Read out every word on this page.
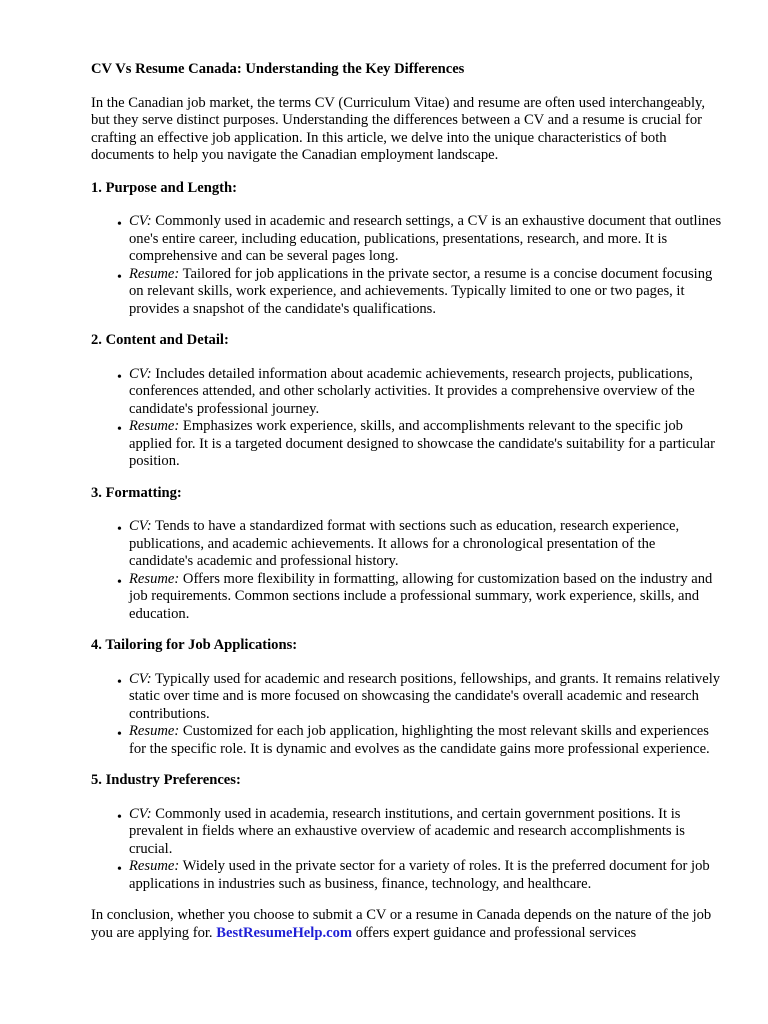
CV Vs Resume Canada: Understanding the Key Differences
In the Canadian job market, the terms CV (Curriculum Vitae) and resume are often used interchangeably, but they serve distinct purposes. Understanding the differences between a CV and a resume is crucial for crafting an effective job application. In this article, we delve into the unique characteristics of both documents to help you navigate the Canadian employment landscape.
1. Purpose and Length:
• CV: Commonly used in academic and research settings, a CV is an exhaustive document that outlines one's entire career, including education, publications, presentations, research, and more. It is comprehensive and can be several pages long.
• Resume: Tailored for job applications in the private sector, a resume is a concise document focusing on relevant skills, work experience, and achievements. Typically limited to one or two pages, it provides a snapshot of the candidate's qualifications.
2. Content and Detail:
• CV: Includes detailed information about academic achievements, research projects, publications, conferences attended, and other scholarly activities. It provides a comprehensive overview of the candidate's professional journey.
• Resume: Emphasizes work experience, skills, and accomplishments relevant to the specific job applied for. It is a targeted document designed to showcase the candidate's suitability for a particular position.
3. Formatting:
• CV: Tends to have a standardized format with sections such as education, research experience, publications, and academic achievements. It allows for a chronological presentation of the candidate's academic and professional history.
• Resume: Offers more flexibility in formatting, allowing for customization based on the industry and job requirements. Common sections include a professional summary, work experience, skills, and education.
4. Tailoring for Job Applications:
• CV: Typically used for academic and research positions, fellowships, and grants. It remains relatively static over time and is more focused on showcasing the candidate's overall academic and research contributions.
• Resume: Customized for each job application, highlighting the most relevant skills and experiences for the specific role. It is dynamic and evolves as the candidate gains more professional experience.
5. Industry Preferences:
• CV: Commonly used in academia, research institutions, and certain government positions. It is prevalent in fields where an exhaustive overview of academic and research accomplishments is crucial.
• Resume: Widely used in the private sector for a variety of roles. It is the preferred document for job applications in industries such as business, finance, technology, and healthcare.
In conclusion, whether you choose to submit a CV or a resume in Canada depends on the nature of the job you are applying for. BestResumeHelp.com offers expert guidance and professional services
